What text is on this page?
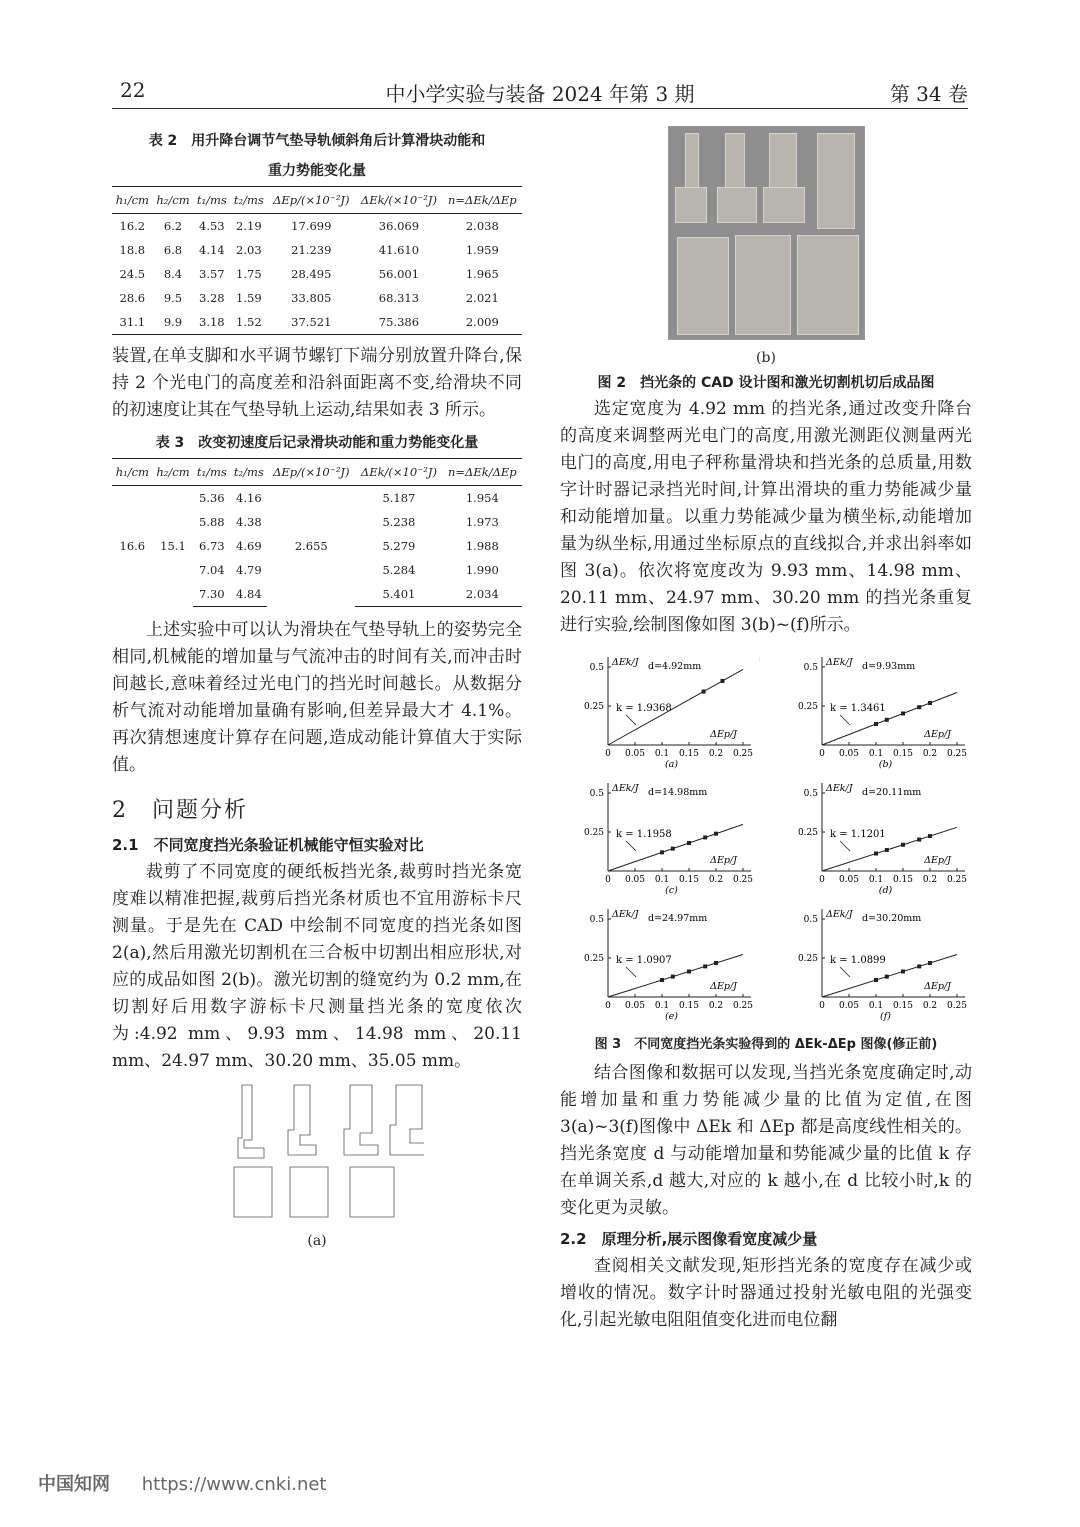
22	中小学实验与装备 2024 年第 3 期	第 34 卷
表 2　用升降台调节气垫导轨倾斜角后计算滑块动能和
重力势能变化量
h₁/cm	h₂/cm	t₁/ms	t₂/ms	ΔEp/(×10⁻²J)	ΔEk/(×10⁻²J)	n=ΔEk/ΔEp
16.2	6.2	4.53	2.19	17.699	36.069	2.038
18.8	6.8	4.14	2.03	21.239	41.610	1.959
24.5	8.4	3.57	1.75	28.495	56.001	1.965
28.6	9.5	3.28	1.59	33.805	68.313	2.021
31.1	9.9	3.18	1.52	37.521	75.386	2.009

装置,在单支脚和水平调节螺钉下端分别放置升降台,保持 2 个光电门的高度差和沿斜面距离不变,给滑块不同的初速度让其在气垫导轨上运动,结果如表 3 所示。

表 3　改变初速度后记录滑块动能和重力势能变化量
h₁/cm	h₂/cm	t₁/ms	t₂/ms	ΔEp/(×10⁻²J)	ΔEk/(×10⁻²J)	n=ΔEk/ΔEp
16.6	15.1	5.36	4.16	2.655	5.187	1.954
		5.88	4.38		5.238	1.973
		6.73	4.69		5.279	1.988
		7.04	4.79		5.284	1.990
		7.30	4.84		5.401	2.034

上述实验中可以认为滑块在气垫导轨上的姿势完全相同,机械能的增加量与气流冲击的时间有关,而冲击时间越长,意味着经过光电门的挡光时间越长。从数据分析气流对动能增加量确有影响,但差异最大才 4.1%。再次猜想速度计算存在问题,造成动能计算值大于实际值。

2　问题分析
2.1　不同宽度挡光条验证机械能守恒实验对比

裁剪了不同宽度的硬纸板挡光条,裁剪时挡光条宽度难以精准把握,裁剪后挡光条材质也不宜用游标卡尺测量。于是先在 CAD 中绘制不同宽度的挡光条如图 2(a),然后用激光切割机在三合板中切割出相应形状,对应的成品如图 2(b)。激光切割的缝宽约为 0.2 mm,在切割好后用数字游标卡尺测量挡光条的宽度依次为:4.92 mm、9.93 mm、14.98 mm、20.11 mm、24.97 mm、30.20 mm、35.05 mm。

(a)
(b)
图 2　挡光条的 CAD 设计图和激光切割机切后成品图

选定宽度为 4.92 mm 的挡光条,通过改变升降台的高度来调整两光电门的高度,用激光测距仪测量两光电门的高度,用电子秤称量滑块和挡光条的总质量,用数字计时器记录挡光时间,计算出滑块的重力势能减少量和动能增加量。以重力势能减少量为横坐标,动能增加量为纵坐标,用通过坐标原点的直线拟合,并求出斜率如图 3(a)。依次将宽度改为 9.93 mm、14.98 mm、20.11 mm、24.97 mm、30.20 mm 的挡光条重复进行实验,绘制图像如图 3(b)~(f)所示。

0 0.05 0.1 0.15 0.2 0.25
0.25
0.5 ΔEk/J d=4.92mm
k = 1.9368
ΔEp/J
(a)
0 0.05 0.1 0.15 0.2 0.25
0.25
0.5 ΔEk/J d=9.93mm
k = 1.3461
ΔEp/J
(b)
0 0.05 0.1 0.15 0.2 0.25
0.25
0.5 ΔEk/J d=14.98mm
k = 1.1958
ΔEp/J
(c)
0 0.05 0.1 0.15 0.2 0.25
0.25
0.5 ΔEk/J d=20.11mm
k = 1.1201
ΔEp/J
(d)
0 0.05 0.1 0.15 0.2 0.25
0.25
0.5 ΔEk/J d=24.97mm
k = 1.0907
ΔEp/J
(e)
0 0.05 0.1 0.15 0.2 0.25
0.25
0.5 ΔEk/J d=30.20mm
k = 1.0899
ΔEp/J
(f)
图 3　不同宽度挡光条实验得到的 ΔEk-ΔEp 图像(修正前)

结合图像和数据可以发现,当挡光条宽度确定时,动能增加量和重力势能减少量的比值为定值,在图 3(a)~3(f)图像中 ΔEk 和 ΔEp 都是高度线性相关的。挡光条宽度 d 与动能增加量和势能减少量的比值 k 存在单调关系,d 越大,对应的 k 越小,在 d 比较小时,k 的变化更为灵敏。

2.2　原理分析,展示图像看宽度减少量

查阅相关文献发现,矩形挡光条的宽度存在减少或增收的情况。数字计时器通过投射光敏电阻的光强变化,引起光敏电阻阻值变化进而电位翻

中国知网 https://www.cnki.net
